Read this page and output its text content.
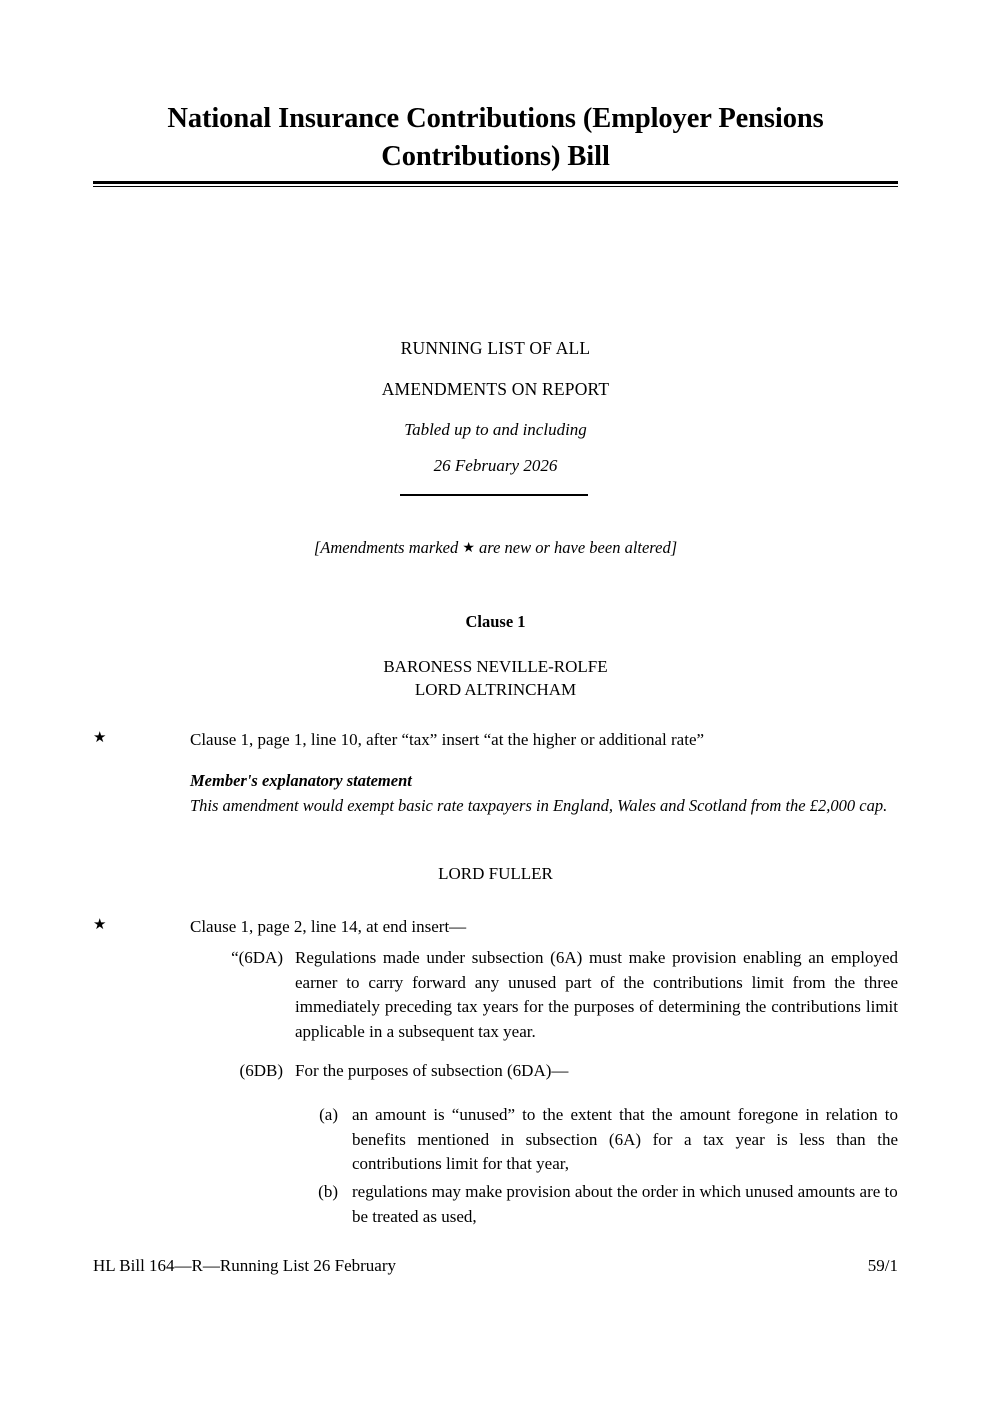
National Insurance Contributions (Employer Pensions Contributions) Bill
RUNNING LIST OF ALL
AMENDMENTS ON REPORT
Tabled up to and including
26 February 2026
[Amendments marked ★ are new or have been altered]
Clause 1
BARONESS NEVILLE-ROLFE
LORD ALTRINCHAM
★	Clause 1, page 1, line 10, after “tax” insert “at the higher or additional rate”
Member's explanatory statement
This amendment would exempt basic rate taxpayers in England, Wales and Scotland from the £2,000 cap.
LORD FULLER
★	Clause 1, page 2, line 14, at end insert—
“(6DA) Regulations made under subsection (6A) must make provision enabling an employed earner to carry forward any unused part of the contributions limit from the three immediately preceding tax years for the purposes of determining the contributions limit applicable in a subsequent tax year.
(6DB) For the purposes of subsection (6DA)—
(a) an amount is “unused” to the extent that the amount foregone in relation to benefits mentioned in subsection (6A) for a tax year is less than the contributions limit for that year,
(b) regulations may make provision about the order in which unused amounts are to be treated as used,
HL Bill 164—R—Running List 26 February	59/1
